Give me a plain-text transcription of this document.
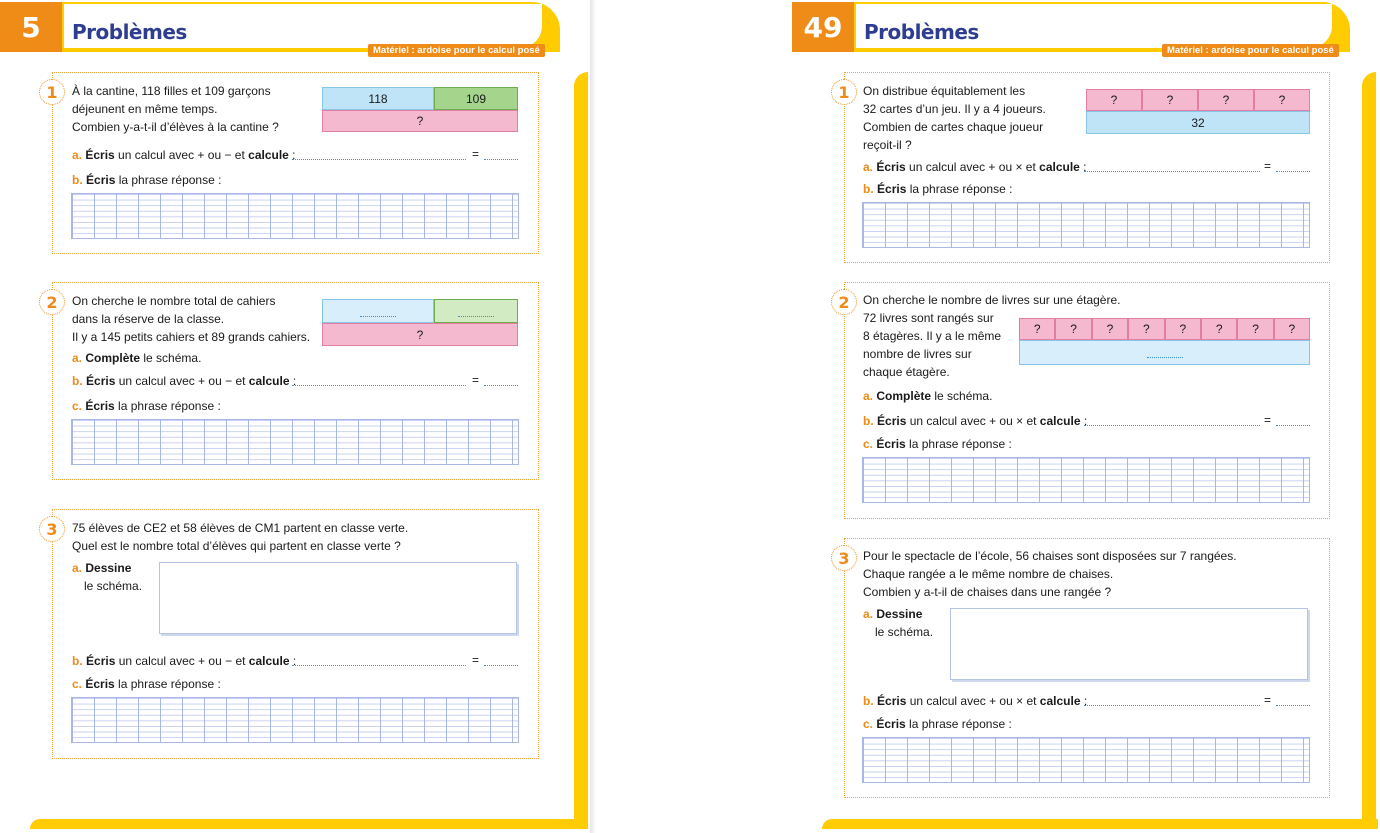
5	Problèmes
Matériel : ardoise pour le calcul posé
1	À la cantine, 118 filles et 109 garçons
déjeunent en même temps.
Combien y-a-t-il d’élèves à la cantine ?
118	109
?
a. Écris un calcul avec + ou − et calcule :	=
b. Écris la phrase réponse :
2	On cherche le nombre total de cahiers
dans la réserve de la classe.
Il y a 145 petits cahiers et 89 grands cahiers.	?
a. Complète le schéma.
b. Écris un calcul avec + ou − et calcule :	=
c. Écris la phrase réponse :
3	75 élèves de CE2 et 58 élèves de CM1 partent en classe verte.
Quel est le nombre total d’élèves qui partent en classe verte ?
a. Dessine
le schéma.
b. Écris un calcul avec + ou − et calcule :	=
c. Écris la phrase réponse :
49	Problèmes
Matériel : ardoise pour le calcul posé
1	On distribue équitablement les
32 cartes d’un jeu. Il y a 4 joueurs.
Combien de cartes chaque joueur
reçoit-il ?
?	?	?	?
32
a. Écris un calcul avec + ou × et calcule :	=
b. Écris la phrase réponse :
2	On cherche le nombre de livres sur une étagère.
72 livres sont rangés sur
8 étagères. Il y a le même
nombre de livres sur
chaque étagère.
?	?	?	?	?	?	?	?
a. Complète le schéma.
b. Écris un calcul avec + ou × et calcule :	=
c. Écris la phrase réponse :
3	Pour le spectacle de l’école, 56 chaises sont disposées sur 7 rangées.
Chaque rangée a le même nombre de chaises.
Combien y a-t-il de chaises dans une rangée ?
a. Dessine
le schéma.
b. Écris un calcul avec + ou × et calcule :	=
c. Écris la phrase réponse :
